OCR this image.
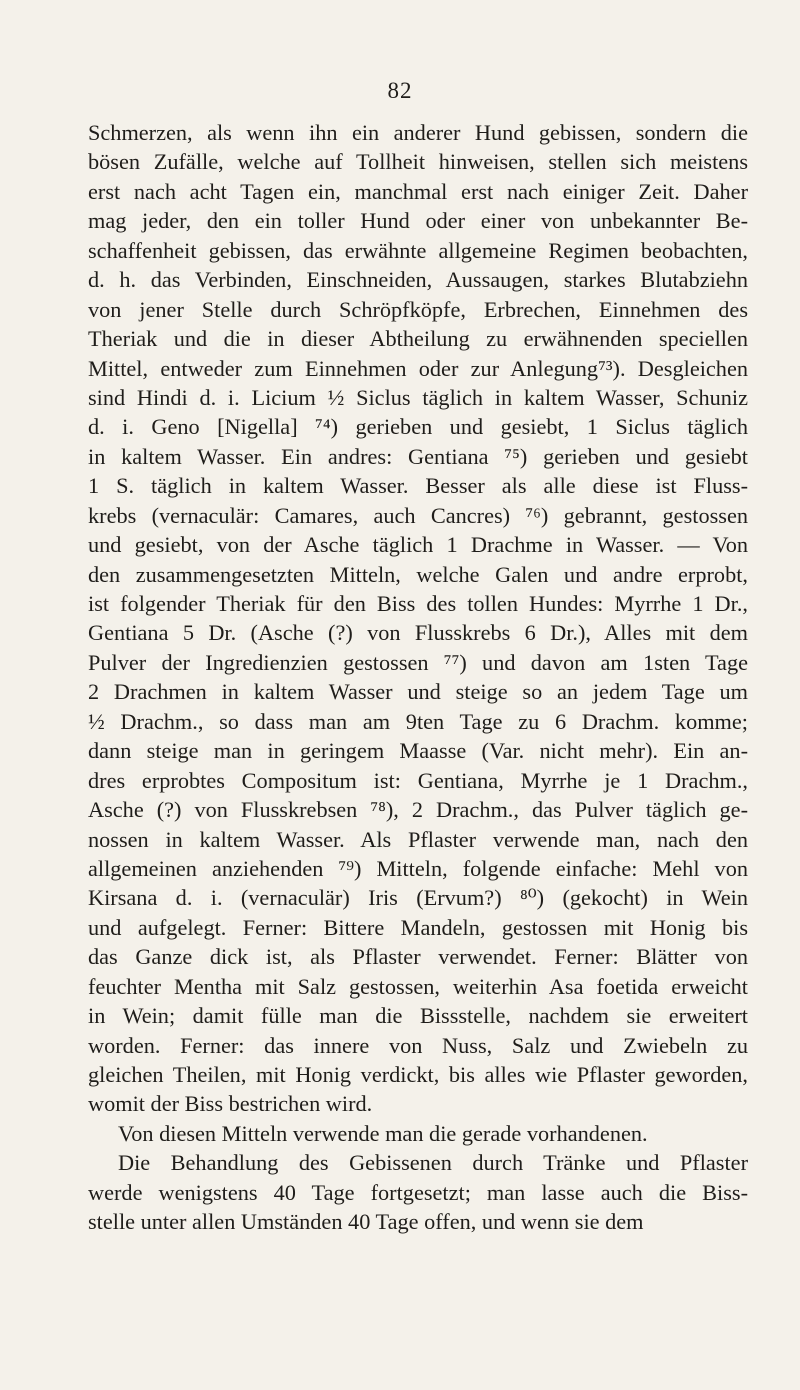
82
Schmerzen, als wenn ihn ein anderer Hund gebissen, sondern die
bösen Zufälle, welche auf Tollheit hinweisen, stellen sich meistens
erst nach acht Tagen ein, manchmal erst nach einiger Zeit. Daher
mag jeder, den ein toller Hund oder einer von unbekannter Be-
schaffenheit gebissen, das erwähnte allgemeine Regimen beobachten,
d. h. das Verbinden, Einschneiden, Aussaugen, starkes Blutabziehn
von jener Stelle durch Schröpfköpfe, Erbrechen, Einnehmen des
Theriak und die in dieser Abtheilung zu erwähnenden speciellen
Mittel, entweder zum Einnehmen oder zur Anlegung⁷³). Desgleichen
sind Hindi d. i. Licium ½ Siclus täglich in kaltem Wasser, Schuniz
d. i. Geno [Nigella] ⁷⁴) gerieben und gesiebt, 1 Siclus täglich
in kaltem Wasser. Ein andres: Gentiana ⁷⁵) gerieben und gesiebt
1 S. täglich in kaltem Wasser. Besser als alle diese ist Fluss-
krebs (vernaculär: Camares, auch Cancres) ⁷⁶) gebrannt, gestossen
und gesiebt, von der Asche täglich 1 Drachme in Wasser. — Von
den zusammengesetzten Mitteln, welche Galen und andre erprobt,
ist folgender Theriak für den Biss des tollen Hundes: Myrrhe 1 Dr.,
Gentiana 5 Dr. (Asche (?) von Flusskrebs 6 Dr.), Alles mit dem
Pulver der Ingredienzien gestossen ⁷⁷) und davon am 1sten Tage
2 Drachmen in kaltem Wasser und steige so an jedem Tage um
½ Drachm., so dass man am 9ten Tage zu 6 Drachm. komme;
dann steige man in geringem Maasse (Var. nicht mehr). Ein an-
dres erprobtes Compositum ist: Gentiana, Myrrhe je 1 Drachm.,
Asche (?) von Flusskrebsen ⁷⁸), 2 Drachm., das Pulver täglich ge-
nossen in kaltem Wasser. Als Pflaster verwende man, nach den
allgemeinen anziehenden ⁷⁹) Mitteln, folgende einfache: Mehl von
Kirsana d. i. (vernaculär) Iris (Ervum?) ⁸⁰) (gekocht) in Wein
und aufgelegt. Ferner: Bittere Mandeln, gestossen mit Honig bis
das Ganze dick ist, als Pflaster verwendet. Ferner: Blätter von
feuchter Mentha mit Salz gestossen, weiterhin Asa foetida erweicht
in Wein; damit fülle man die Bissstelle, nachdem sie erweitert
worden. Ferner: das innere von Nuss, Salz und Zwiebeln zu
gleichen Theilen, mit Honig verdickt, bis alles wie Pflaster geworden,
womit der Biss bestrichen wird.
Von diesen Mitteln verwende man die gerade vorhandenen.
Die Behandlung des Gebissenen durch Tränke und Pflaster
werde wenigstens 40 Tage fortgesetzt; man lasse auch die Biss-
stelle unter allen Umständen 40 Tage offen, und wenn sie dem
